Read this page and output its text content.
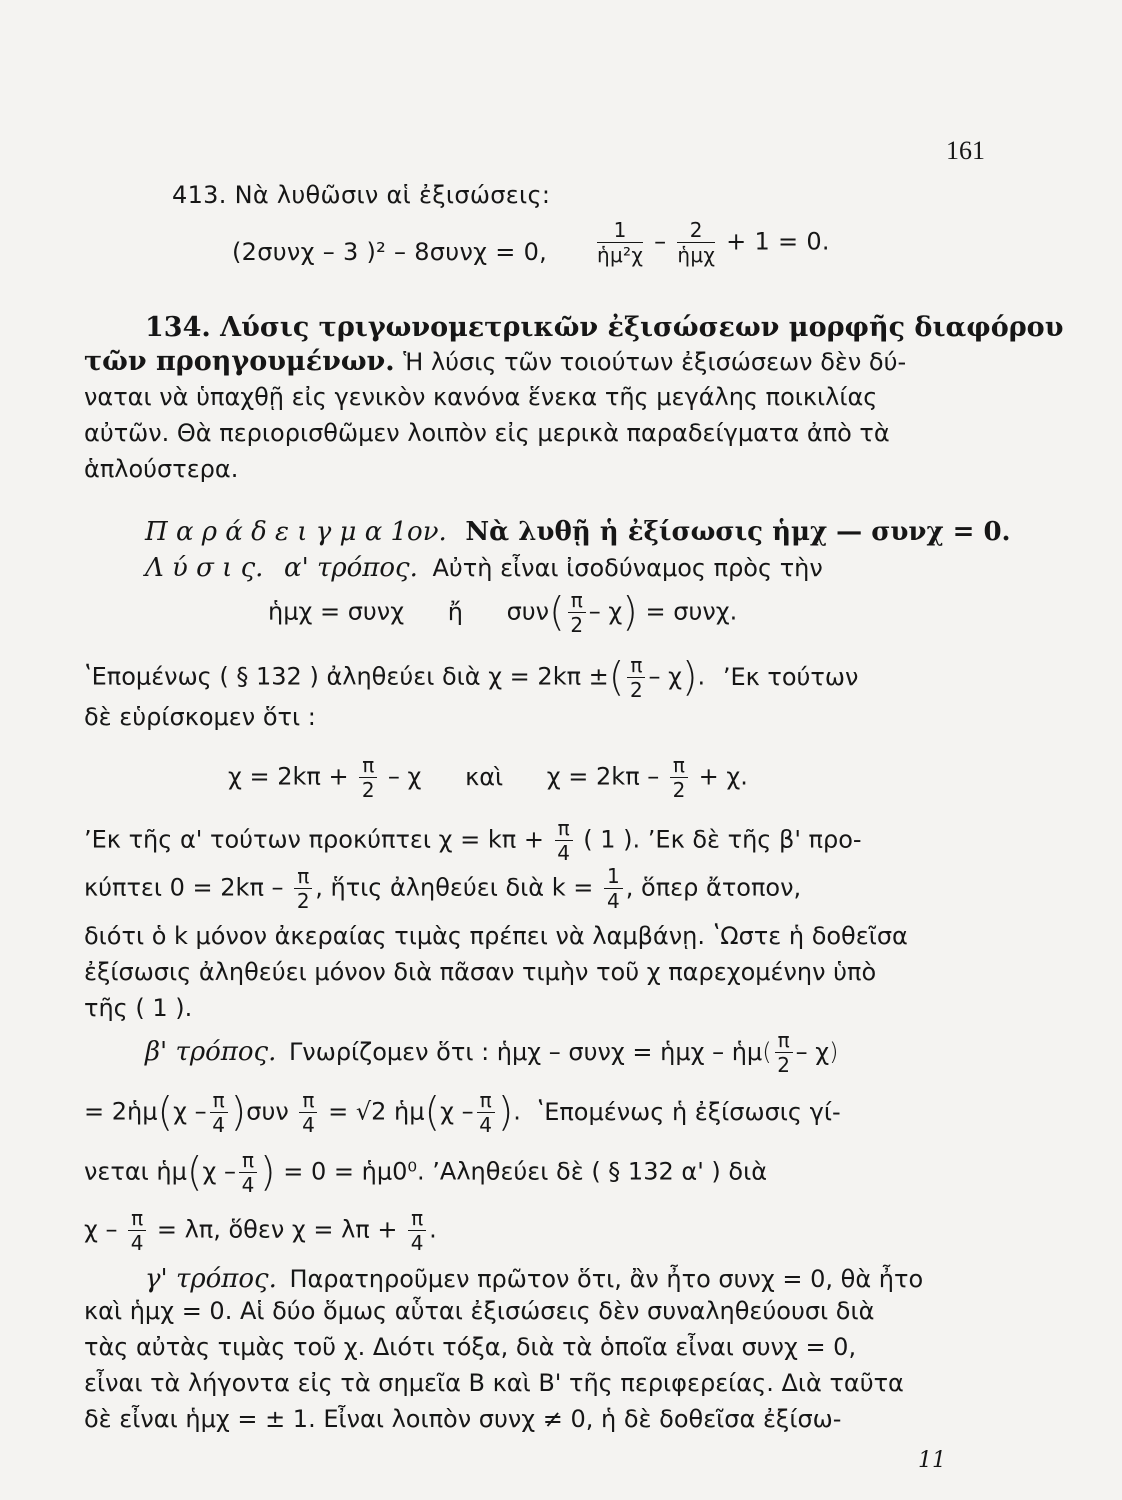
161
413. Νὰ λυθῶσιν αἱ ἐξισώσεις:
(2συνχ – 3 )² – 8συνχ = 0, $\frac{1}{\text{ἡμ²χ}} - \frac{2}{\text{ἡμχ}} + 1 = 0$.
134. Λύσις τριγωνομετρικῶν ἐξισώσεων μορφῆς διαφόρου
τῶν προηγουμένων. Ἡ λύσις τῶν τοιούτων ἐξισώσεων δὲν δύ-
ναται νὰ ὑπαχθῇ εἰς γενικὸν κανόνα ἕνεκα τῆς μεγάλης ποικιλίας
αὐτῶν. Θὰ περιορισθῶμεν λοιπὸν εἰς μερικὰ παραδείγματα ἀπὸ τὰ
ἁπλούστερα.
Π α ρ ά δ ε ι γ μ α 1ον. Νὰ λυθῇ ἡ ἐξίσωσις ἡμχ — συνχ = 0.
Λ ύ σ ι ς. α' τρόπος. Αὐτὴ εἶναι ἰσοδύναμος πρὸς τὴν
ἡμχ = συνχ ἤ $\sigma\upsilon\nu( \frac{\pi}{2} - \chi) = \sigma\upsilon\nu\chi$.
ʽΕπομένως ( § 132 ) ἀληθεύει διὰ χ = 2kπ ±( $\frac{\pi}{2} - \chi$). ʼΕκ τούτων
δὲ εὑρίσκομεν ὅτι :
$\chi = 2k\pi + \frac{\pi}{2} - \chi$ καὶ $\chi = 2k\pi - \frac{\pi}{2} + \chi$.
ʼΕκ τῆς α' τούτων προκύπτει $\chi = k\pi + \frac{\pi}{4}$ ( 1 ). ʼΕκ δὲ τῆς β' προ-
κύπτει $0 = 2k\pi - \frac{\pi}{2}$ , ἥτις ἀληθεύει διὰ $k = \frac{1}{4}$ , ὅπερ ἄτοπον,
διότι ὁ k μόνον ἀκεραίας τιμὰς πρέπει νὰ λαμβάνῃ. ʽΩστε ἡ δοθεῖσα
ἐξίσωσις ἀληθεύει μόνον διὰ πᾶσαν τιμὴν τοῦ χ παρεχομένην ὑπὸ
τῆς ( 1 ).
β' τρόπος. Γνωρίζομεν ὅτι : ἡμχ – συνχ = ἡμχ – ἡμ( $\frac{\pi}{2} - \chi$)
= 2ἡμ(χ – $\frac{\pi}{4} )\sigma\upsilon\nu \frac{\pi}{4} = √2$ ἡμ(χ – $\frac{\pi}{4}$ ). ʽΕπομένως ἡ ἐξίσωσις γί-
νεται ἡμ(χ – $\frac{\pi}{4}$ ) = 0 = ἡμ0⁰. ʼΑληθεύει δὲ ( § 132 α' ) διὰ
$\chi - \frac{\pi}{4} = \lambda\pi$, ὅθεν $\chi = \lambda\pi + \frac{\pi}{4}$ .
γ' τρόπος. Παρατηροῦμεν πρῶτον ὅτι, ἂν ἦτο συνχ = 0, θὰ ἦτο
καὶ ἡμχ = 0. Αἱ δύο ὅμως αὗται ἐξισώσεις δὲν συναληθεύουσι διὰ
τὰς αὐτὰς τιμὰς τοῦ χ. Διότι τόξα, διὰ τὰ ὁποῖα εἶναι συνχ = 0,
εἶναι τὰ λήγοντα εἰς τὰ σημεῖα Β καὶ Β' τῆς περιφερείας. Διὰ ταῦτα
δὲ εἶναι ἡμχ = ± 1. Εἶναι λοιπὸν συνχ ≠ 0, ἡ δὲ δοθεῖσα ἐξίσω-
11
